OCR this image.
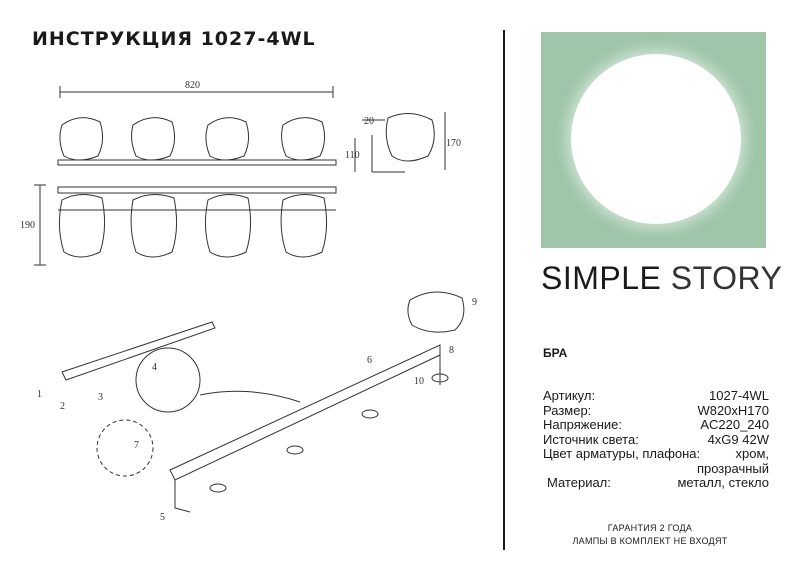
ИНСТРУКЦИЯ 1027-4WL
820
190
20
170
110
1
2
3
4
5
6
7
8
9
10
SIMPLE STORY
БРА
Артикул:	1027-4WL
Размер:	W820xH170
Напряжение:	AC220_240
Источник света:	4xG9 42W
Цвет арматуры, плафона:	хром,
прозрачный
Материал:	металл, стекло
ГАРАНТИЯ 2 ГОДА
ЛАМПЫ В КОМПЛЕКТ НЕ ВХОДЯТ
